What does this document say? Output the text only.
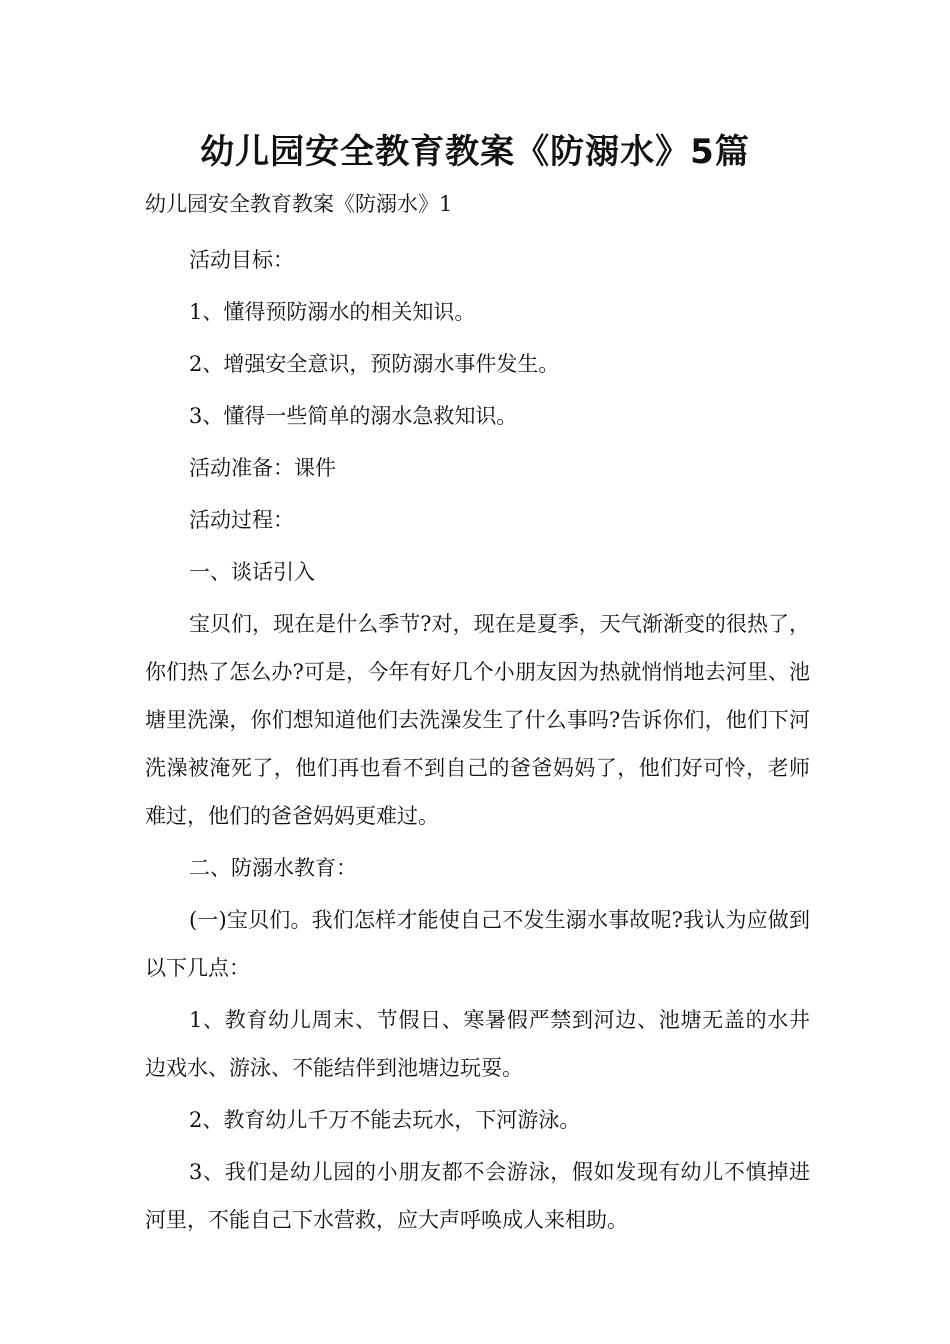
幼儿园安全教育教案《防溺水》5篇

幼儿园安全教育教案《防溺水》1

活动目标：

1、懂得预防溺水的相关知识。

2、增强安全意识，预防溺水事件发生。

3、懂得一些简单的溺水急救知识。

活动准备：课件

活动过程：

一、谈话引入

宝贝们，现在是什么季节?对，现在是夏季，天气渐渐变的很热了，你们热了怎么办?可是，今年有好几个小朋友因为热就悄悄地去河里、池塘里洗澡，你们想知道他们去洗澡发生了什么事吗?告诉你们，他们下河洗澡被淹死了，他们再也看不到自己的爸爸妈妈了，他们好可怜，老师难过，他们的爸爸妈妈更难过。

二、防溺水教育：

(一)宝贝们。我们怎样才能使自己不发生溺水事故呢?我认为应做到以下几点：

1、教育幼儿周末、节假日、寒暑假严禁到河边、池塘无盖的水井边戏水、游泳、不能结伴到池塘边玩耍。

2、教育幼儿千万不能去玩水，下河游泳。

3、我们是幼儿园的小朋友都不会游泳，假如发现有幼儿不慎掉进河里，不能自己下水营救，应大声呼唤成人来相助。
